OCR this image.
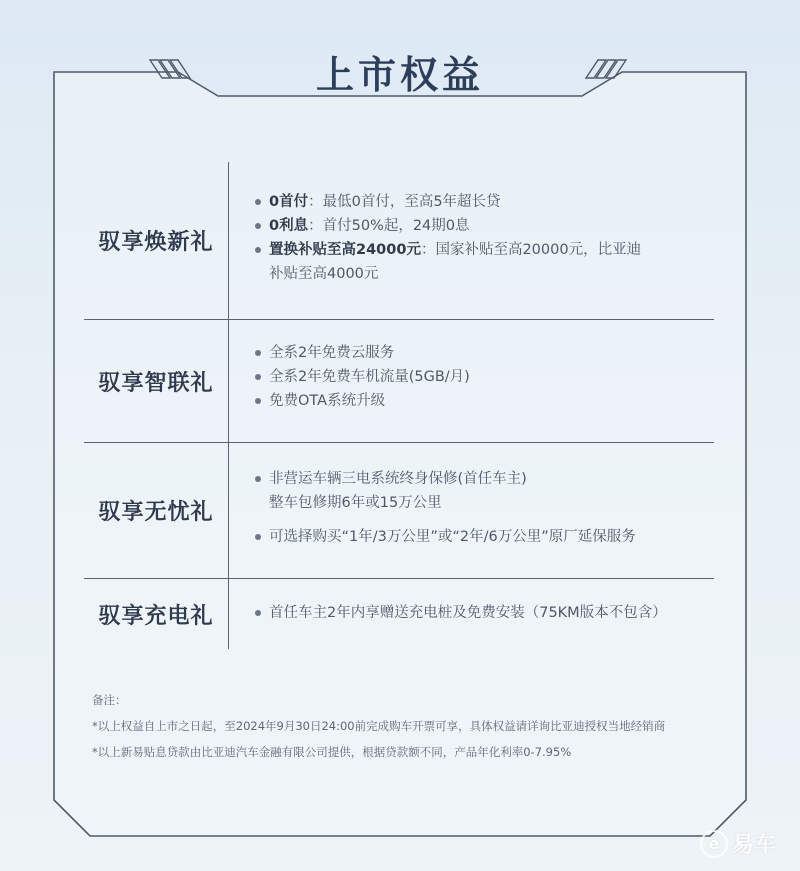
上市权益
驭享焕新礼
0首付：最低0首付，至高5年超长贷
0利息：首付50%起，24期0息
置换补贴至高24000元：国家补贴至高20000元，比亚迪
补贴至高4000元
驭享智联礼
全系2年免费云服务
全系2年免费车机流量(5GB/月)
免费OTA系统升级
驭享无忧礼
非营运车辆三电系统终身保修(首任车主)
整车包修期6年或15万公里
可选择购买“1年/3万公里”或“2年/6万公里”原厂延保服务
驭享充电礼	首任车主2年内享赠送充电桩及免费安装（75KM版本不包含）
备注：
*以上权益自上市之日起，至2024年9月30日24:00前完成购车开票可享，具体权益请详询比亚迪授权当地经销商
*以上新易贴息贷款由比亚迪汽车金融有限公司提供，根据贷款额不同，产品年化利率0-7.95%
e 易车
